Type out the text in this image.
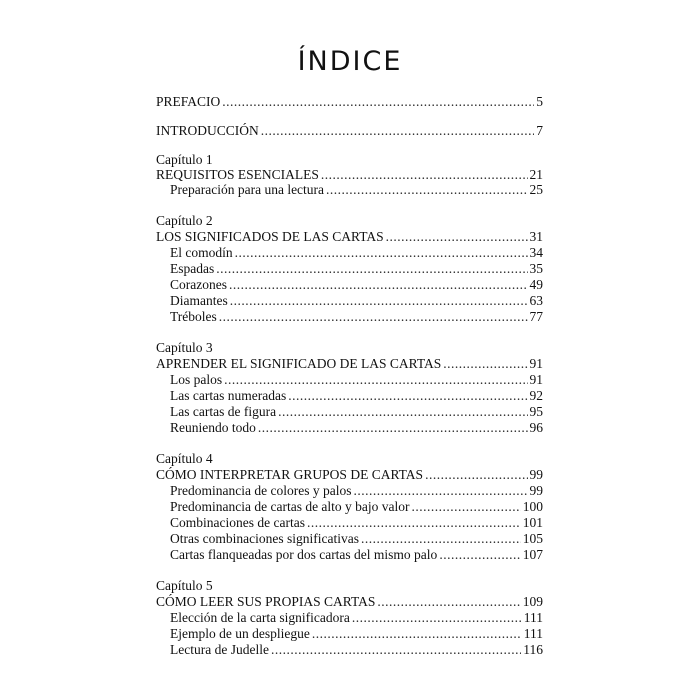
ÍNDICE
PREFACIO .....	5
INTRODUCCIÓN .....	7
Capítulo 1
REQUISITOS ESENCIALES .....	21
Preparación para una lectura .....	25
Capítulo 2
LOS SIGNIFICADOS DE LAS CARTAS .....	31
El comodín .....	34
Espadas .....	35
Corazones .....	49
Diamantes .....	63
Tréboles .....	77
Capítulo 3
APRENDER EL SIGNIFICADO DE LAS CARTAS .....	91
Los palos .....	91
Las cartas numeradas .....	92
Las cartas de figura .....	95
Reuniendo todo .....	96
Capítulo 4
CÓMO INTERPRETAR GRUPOS DE CARTAS .....	99
Predominancia de colores y palos .....	99
Predominancia de cartas de alto y bajo valor .....	100
Combinaciones de cartas .....	101
Otras combinaciones significativas .....	105
Cartas flanqueadas por dos cartas del mismo palo .....	107
Capítulo 5
CÓMO LEER SUS PROPIAS CARTAS .....	109
Elección de la carta significadora .....	111
Ejemplo de un despliegue .....	111
Lectura de Judelle .....	116
